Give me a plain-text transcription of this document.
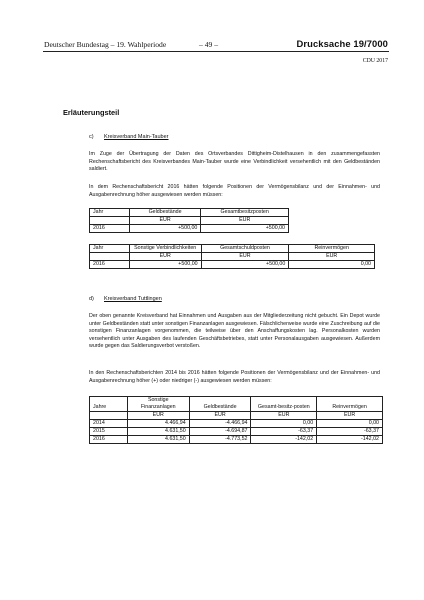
Deutscher Bundestag – 19. Wahlperiode	– 49 –	Drucksache 19/7000
CDU 2017
Erläuterungsteil
c) Kreisverband Main-Tauber
Im Zuge der Übertragung der Daten des Ortsverbandes Dittigheim-Distelhausen in den zusammengefassten Rechenschaftsbericht des Kreisverbandes Main-Tauber wurde eine Verbindlichkeit versehentlich mit den Geldbeständen saldiert.
In dem Rechenschaftsbericht 2016 hätten folgende Positionen der Vermögensbilanz und der Einnahmen- und Ausgabenrechnung höher ausgewiesen werden müssen:
Jahr	Geldbestände	Gesamtbesitzposten
	EUR	EUR
2016	+500,00	+500,00
Jahr	Sonstige Verbindlichkeiten	Gesamtschuldposten	Reinvermögen
	EUR	EUR	EUR
2016	+500,00	+500,00	0,00
d) Kreisverband Tuttlingen
Der oben genannte Kreisverband hat Einnahmen und Ausgaben aus der Mitgliederzeitung nicht gebucht. Ein Depot wurde unter Geldbeständen statt unter sonstigen Finanzanlagen ausgewiesen. Fälschlicherweise wurde eine Zuschreibung auf die sonstigen Finanzanlagen vorgenommen, die teilweise über den Anschaffungskosten lag. Personalkosten wurden versehentlich unter Ausgaben des laufenden Geschäftsbetriebes, statt unter Personalausgaben ausgewiesen. Außerdem wurde gegen das Saldierungsverbot verstoßen.
In den Rechenschaftsberichten 2014 bis 2016 hätten folgende Positionen der Vermögensbilanz und der Einnahmen- und Ausgabenrechnung höher (+) oder niedriger (-) ausgewiesen werden müssen:
Jahre	Sonstige Finanzanlagen	Geldbestände	Gesamt-besitz-posten	Reinvermögen
	EUR	EUR	EUR	EUR
2014	4.466,94	-4.466,94	0,00	0,00
2015	4.631,50	-4.694,87	-63,37	-63,37
2016	4.631,50	-4.773,52	-142,02	-142,02
